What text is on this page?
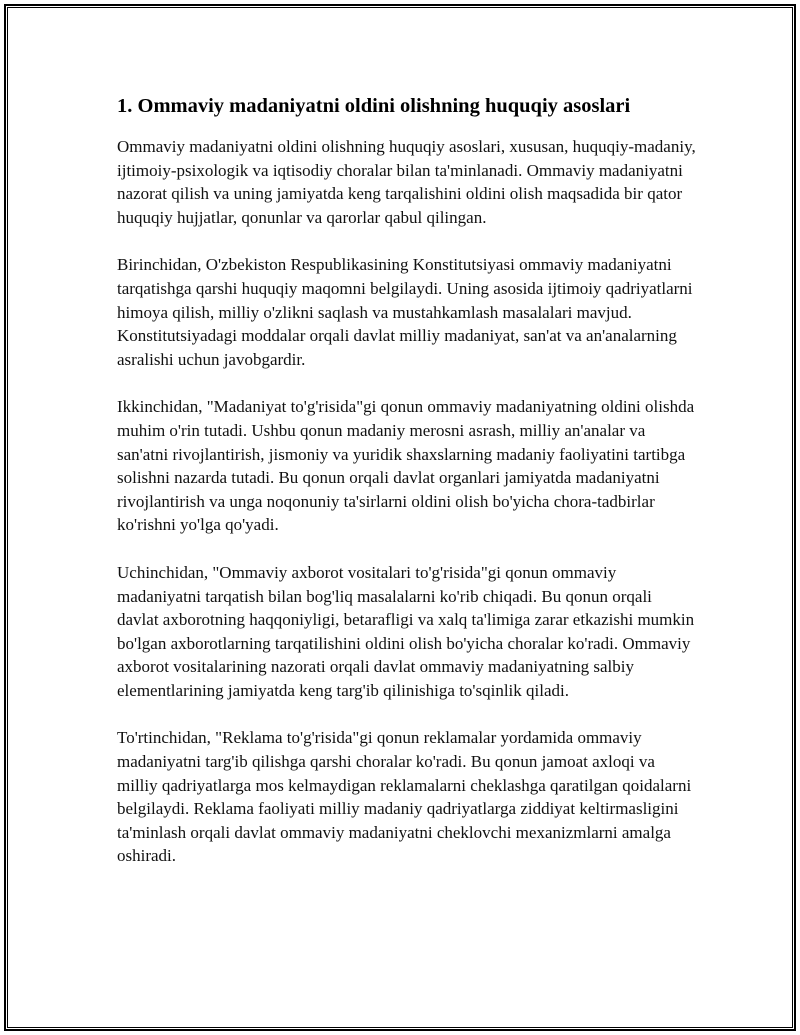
1. Ommaviy madaniyatni oldini olishning huquqiy asoslari

Ommaviy madaniyatni oldini olishning huquqiy asoslari, xususan, huquqiy-madaniy, ijtimoiy-psixologik va iqtisodiy choralar bilan ta'minlanadi. Ommaviy madaniyatni nazorat qilish va uning jamiyatda keng tarqalishini oldini olish maqsadida bir qator huquqiy hujjatlar, qonunlar va qarorlar qabul qilingan.

Birinchidan, O'zbekiston Respublikasining Konstitutsiyasi ommaviy madaniyatni tarqatishga qarshi huquqiy maqomni belgilaydi. Uning asosida ijtimoiy qadriyatlarni himoya qilish, milliy o'zlikni saqlash va mustahkamlash masalalari mavjud. Konstitutsiyadagi moddalar orqali davlat milliy madaniyat, san'at va an'analarning asralishi uchun javobgardir.

Ikkinchidan, "Madaniyat to'g'risida"gi qonun ommaviy madaniyatning oldini olishda muhim o'rin tutadi. Ushbu qonun madaniy merosni asrash, milliy an'analar va san'atni rivojlantirish, jismoniy va yuridik shaxslarning madaniy faoliyatini tartibga solishni nazarda tutadi. Bu qonun orqali davlat organlari jamiyatda madaniyatni rivojlantirish va unga noqonuniy ta'sirlarni oldini olish bo'yicha chora-tadbirlar ko'rishni yo'lga qo'yadi.

Uchinchidan, "Ommaviy axborot vositalari to'g'risida"gi qonun ommaviy madaniyatni tarqatish bilan bog'liq masalalarni ko'rib chiqadi. Bu qonun orqali davlat axborotning haqqoniyligi, betarafligi va xalq ta'limiga zarar etkazishi mumkin bo'lgan axborotlarning tarqatilishini oldini olish bo'yicha choralar ko'radi. Ommaviy axborot vositalarining nazorati orqali davlat ommaviy madaniyatning salbiy elementlarining jamiyatda keng targ'ib qilinishiga to'sqinlik qiladi.

To'rtinchidan, "Reklama to'g'risida"gi qonun reklamalar yordamida ommaviy madaniyatni targ'ib qilishga qarshi choralar ko'radi. Bu qonun jamoat axloqi va milliy qadriyatlarga mos kelmaydigan reklamalarni cheklashga qaratilgan qoidalarni belgilaydi. Reklama faoliyati milliy madaniy qadriyatlarga ziddiyat keltirmasligini ta'minlash orqali davlat ommaviy madaniyatni cheklovchi mexanizmlarni amalga oshiradi.
